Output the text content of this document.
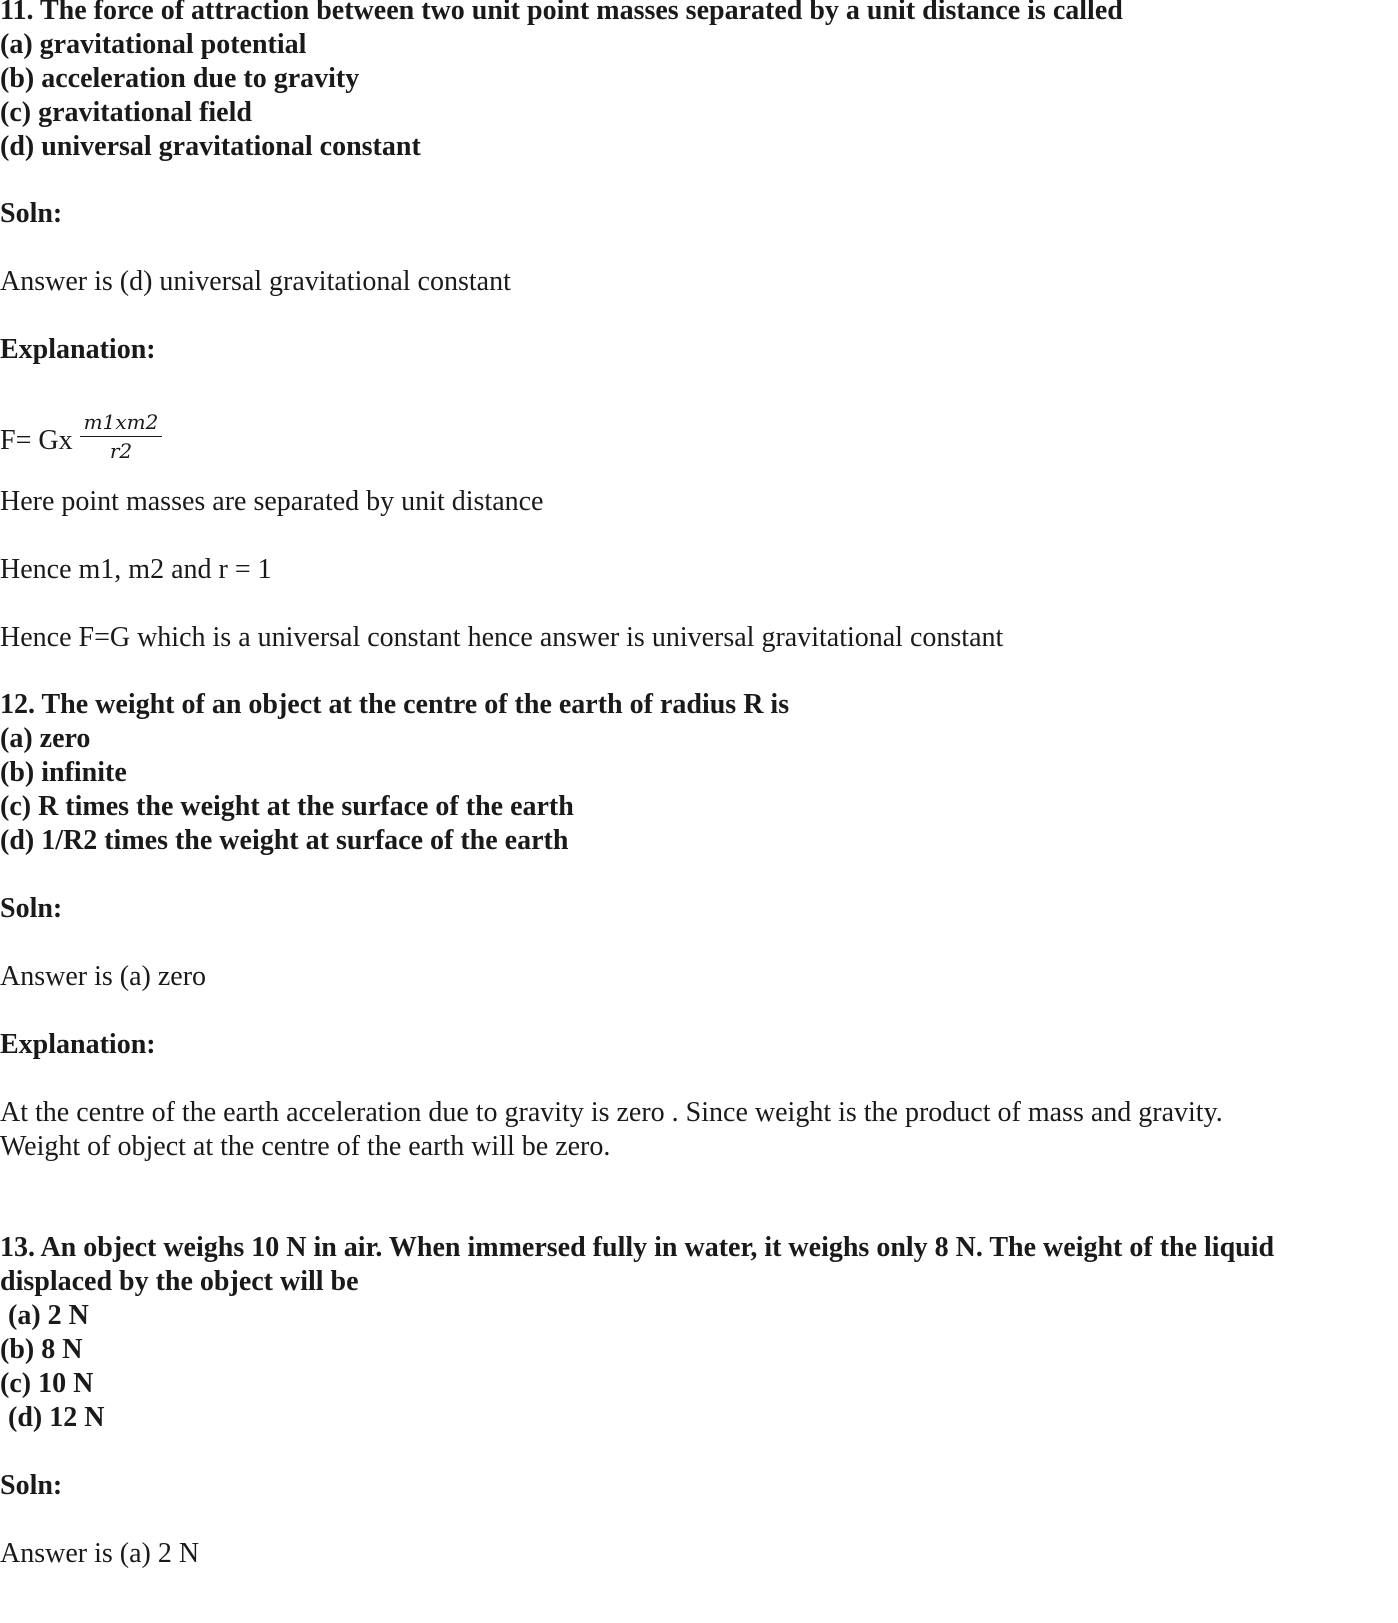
11. The force of attraction between two unit point masses separated by a unit distance is called

(a) gravitational potential

(b) acceleration due to gravity

(c) gravitational field

(d) universal gravitational constant

Soln:

Answer is (d) universal gravitational constant

Explanation:

F= Gx
m1xm2
r2

Here point masses are separated by unit distance

Hence m1, m2 and r = 1

Hence F=G which is a universal constant hence answer is universal gravitational constant

12. The weight of an object at the centre of the earth of radius R is

(a) zero

(b) infinite

(c) R times the weight at the surface of the earth

(d) 1/R2 times the weight at surface of the earth

Soln:

Answer is (a) zero

Explanation:

At the centre of the earth acceleration due to gravity is zero . Since weight is the product of mass and gravity.

Weight of object at the centre of the earth will be zero.

13. An object weighs 10 N in air. When immersed fully in water, it weighs only 8 N. The weight of the liquid

displaced by the object will be

(a) 2 N

(b) 8 N

(c) 10 N

(d) 12 N

Soln:

Answer is (a) 2 N
